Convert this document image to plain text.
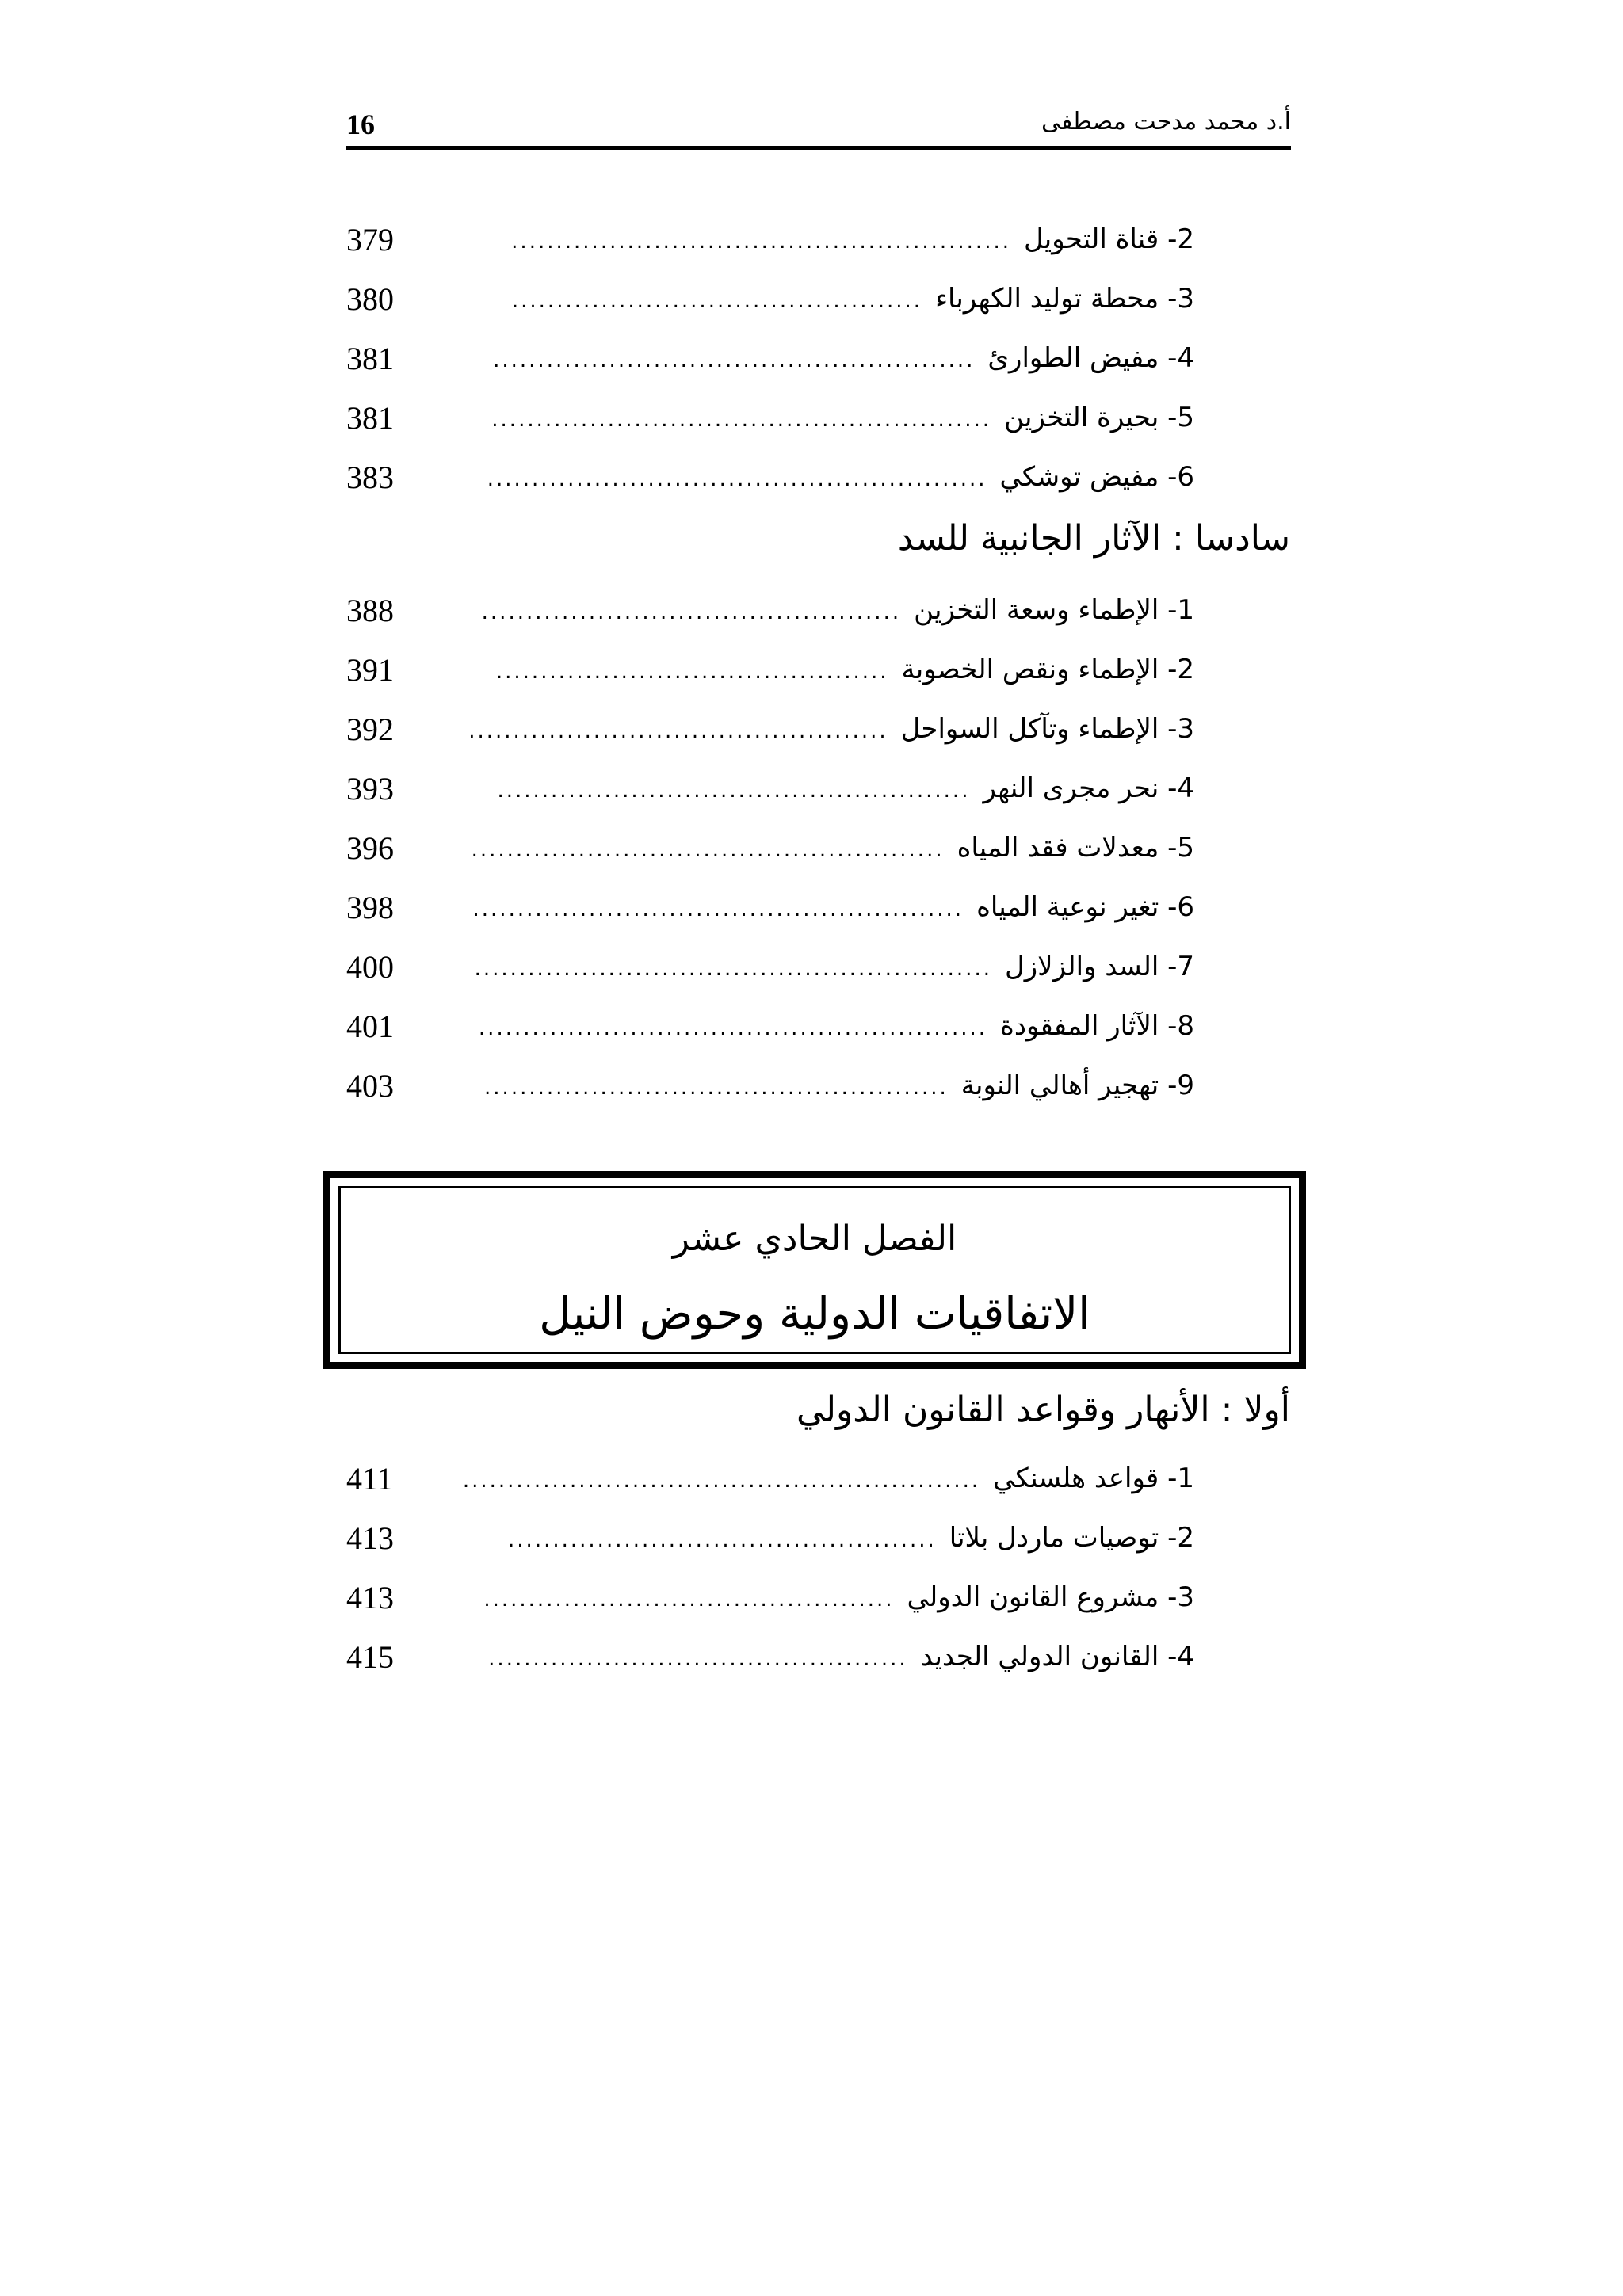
16	أ.د محمد مدحت مصطفى
2- قناة التحويل
........................................................
379
3- محطة توليد الكهرباء
..............................................
380
4- مفيض الطوارئ
......................................................
381
5- بحيرة التخزين
........................................................
381
6- مفيض توشكي
........................................................
383
سادسا : الآثار الجانبية للسد
1- الإطماء وسعة التخزين
...............................................
388
2- الإطماء ونقص الخصوبة
............................................
391
3- الإطماء وتآكل السواحل
...............................................
392
4- نحر مجرى النهر
.....................................................
393
5- معدلات فقد المياه
.....................................................
396
6- تغير نوعية المياه
.......................................................
398
7- السد والزلازل
..........................................................
400
8- الآثار المفقودة
.........................................................
401
9- تهجير أهالي النوبة
....................................................
403
الفصل الحادي عشر
الاتفاقيات الدولية وحوض النيل
أولا : الأنهار وقواعد القانون الدولي
1- قواعد هلسنكي
..........................................................
411
2- توصيات ماردل بلاتا
................................................
413
3- مشروع القانون الدولي
..............................................
413
4- القانون الدولي الجديد
...............................................
415
